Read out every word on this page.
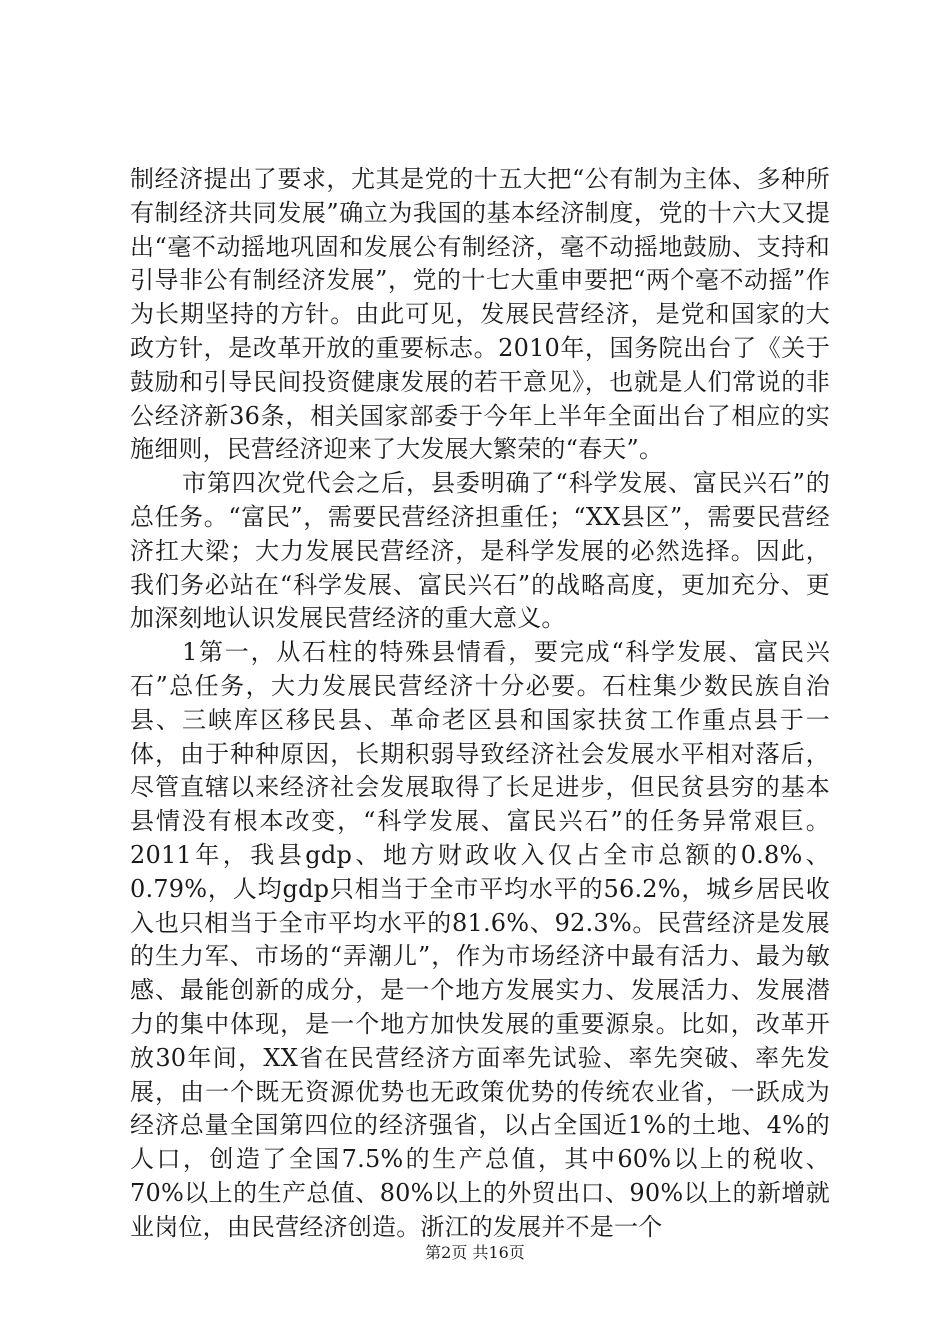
制经济提出了要求，尤其是党的十五大把“公有制为主体、多种所有制经济共同发展”确立为我国的基本经济制度，党的十六大又提出“毫不动摇地巩固和发展公有制经济，毫不动摇地鼓励、支持和引导非公有制经济发展”，党的十七大重申要把“两个毫不动摇”作为长期坚持的方针。由此可见，发展民营经济，是党和国家的大政方针，是改革开放的重要标志。2010年，国务院出台了《关于鼓励和引导民间投资健康发展的若干意见》，也就是人们常说的非公经济新36条，相关国家部委于今年上半年全面出台了相应的实施细则，民营经济迎来了大发展大繁荣的“春天”。

市第四次党代会之后，县委明确了“科学发展、富民兴石”的总任务。“富民”，需要民营经济担重任；“XX县区”，需要民营经济扛大梁；大力发展民营经济，是科学发展的必然选择。因此，我们务必站在“科学发展、富民兴石”的战略高度，更加充分、更加深刻地认识发展民营经济的重大意义。

1第一，从石柱的特殊县情看，要完成“科学发展、富民兴石”总任务，大力发展民营经济十分必要。石柱集少数民族自治县、三峡库区移民县、革命老区县和国家扶贫工作重点县于一体，由于种种原因，长期积弱导致经济社会发展水平相对落后，尽管直辖以来经济社会发展取得了长足进步，但民贫县穷的基本县情没有根本改变，“科学发展、富民兴石”的任务异常艰巨。2011年，我县gdp、地方财政收入仅占全市总额的0.8%、0.79%，人均gdp只相当于全市平均水平的56.2%，城乡居民收入也只相当于全市平均水平的81.6%、92.3%。民营经济是发展的生力军、市场的“弄潮儿”，作为市场经济中最有活力、最为敏感、最能创新的成分，是一个地方发展实力、发展活力、发展潜力的集中体现，是一个地方加快发展的重要源泉。比如，改革开放30年间，XX省在民营经济方面率先试验、率先突破、率先发展，由一个既无资源优势也无政策优势的传统农业省，一跃成为经济总量全国第四位的经济强省，以占全国近1%的土地、4%的人口，创造了全国7.5%的生产总值，其中60%以上的税收、70%以上的生产总值、80%以上的外贸出口、90%以上的新增就业岗位，由民营经济创造。浙江的发展并不是一个

第2页 共16页
